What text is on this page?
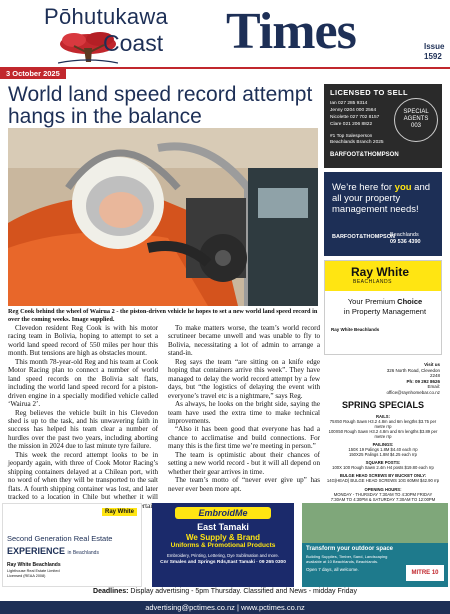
Pōhutukawa
Coast Times	Issue
1592
3 October 2025
World land speed record attempt hangs in the balance
Reg Cook behind the wheel of Wairua 2 - the piston-driven vehicle he hopes to set a new world land speed record in over the coming weeks. Image supplied.

Clevedon resident Reg Cook is with his motor racing team in Bolivia, hoping to attempt to set a world land speed record of 550 miles per hour this month. But tensions are high as obstacles mount.

This month 78-year-old Reg and his team at Cook Motor Racing plan to connect a number of world land speed records on the Bolivia salt flats, including the world land speed record for a piston-driven engine in a specially modified vehicle called ‘Wairua 2’.

Reg believes the vehicle built in his Clevedon shed is up to the task, and his unwavering faith in success has helped his team clear a number of hurdles over the past two years, including aborting the mission in 2024 due to last minute tyre failure.

This week the record attempt looks to be in jeopardy again, with three of Cook Motor Racing’s shipping containers delayed at a Chilean port, with no word of when they will be transported to the salt flats. A fourth shipping container was lost, and later tracked to a location in Chile but whether it will uncertain.

To make matters worse, the team’s world record scrutineer became unwell and was unable to fly to Bolivia, necessitating a lot of admin to arrange a stand-in.

Reg says the team “are sitting on a knife edge hoping that containers arrive this week”. They have managed to delay the world record attempt by a few days, but “the logistics of delaying the event with everyone’s travel etc is a nightmare,” says Reg.

As always, he looks on the bright side, saying the team have used the extra time to make technical improvements.

“Also it has been good that everyone has had a chance to acclimatise and build connections. For many this is the first time we’re meeting in person.”

The team is optimistic about their chances of setting a new world record - but it will all depend on whether their gear arrives in time.

The team’s motto of “never ever give up” has never ever been more apt.

LICENSED TO SELL
Ian 027 285 9314
Jenny 0204 000 2564
Nicolette 027 702 8157
Clare 021 206 8822
#1 Top Salesperson
Beachlands Branch 2025
BARFOOT&THOMPSON
SPECIAL
AGENTS
003
We’re here for you and all your property management needs!
BARFOOT&THOMPSON
Beachlands
09 536 4390
Ray White
BEACHLANDS
Your Premium Choice
in Property Management
Ray White Beachlands
Visit us
326 North Road, Clevedon 2248
Ph: 09 292 8626
Email: office@raynhomebar.co.nz
SPRING SPECIALS
RAILS:
75X50 Rough Sawn H3.2 4.8m and 6m lengths $3.75 per metre rrp
100X50 Rough Sawn H3.2 4.8m and 6m lengths $3.89 per metre rrp
PAILINGS:
150X 19 Palings 1.8M $4.40 each rrp
150X25 Palings 1.8M $4.25 each rrp
SQUARE POSTS:
100X 100 Rough Sawn 2.4m H4 posts $19.80 each rrp
BULGE HEAD SCREWS BY BUCKET ONLY:
14G(HEAD) BULGE HEAD SCREWS 10G 60MM $42.90 rrp
OPENING HOURS:
MONDAY - THURSDAY 7:30AM TO 4:30PM FRIDAY 7:30AM TO 4:30PM & SATURDAY 7:30AM TO 12:00PM
Ray White
Second Generation Real Estate
EXPERIENCE in Beachlands
Ray White Beachlands
Lighthouse Real Estate Limited Licensed (REAA 2008)
EmbroidMe
East Tamaki
We Supply & Brand
Uniforms & Promotional Products
Embroidery, Printing, Lettering, Dye Sublimation and more.
Cnr Smales and Springs Rds,East Tamaki · 09 265 0300
Transform your outdoor space
Building Supplies, Timber, Sand, Landscaping available at 10 Beachlands, Beachlands.
Open 7 days, all welcome.
MITRE 10
Deadlines: Display advertising - 5pm Thursday. Classified and News - midday Friday
advertising@pctimes.co.nz | www.pctimes.co.nz
